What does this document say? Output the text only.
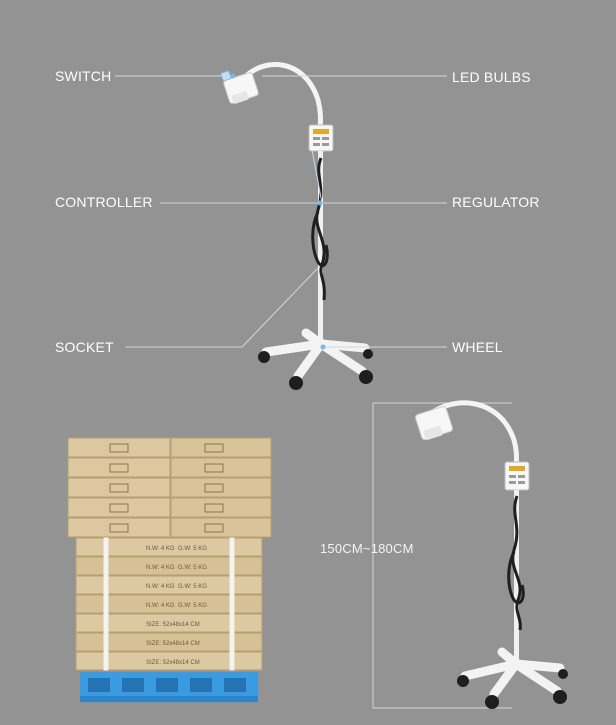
N.W: 4 KG G.W: 5 KG
N.W: 4 KG G.W: 5 KG
N.W: 4 KG G.W: 5 KG
N.W: 4 KG G.W: 5 KG
SIZE: 52x48x14 CM
SIZE: 52x48x14 CM
SIZE: 52x48x14 CM
SWITCH	LED BULBS
CONTROLLER	REGULATOR
SOCKET	WHEEL
150CM~180CM
